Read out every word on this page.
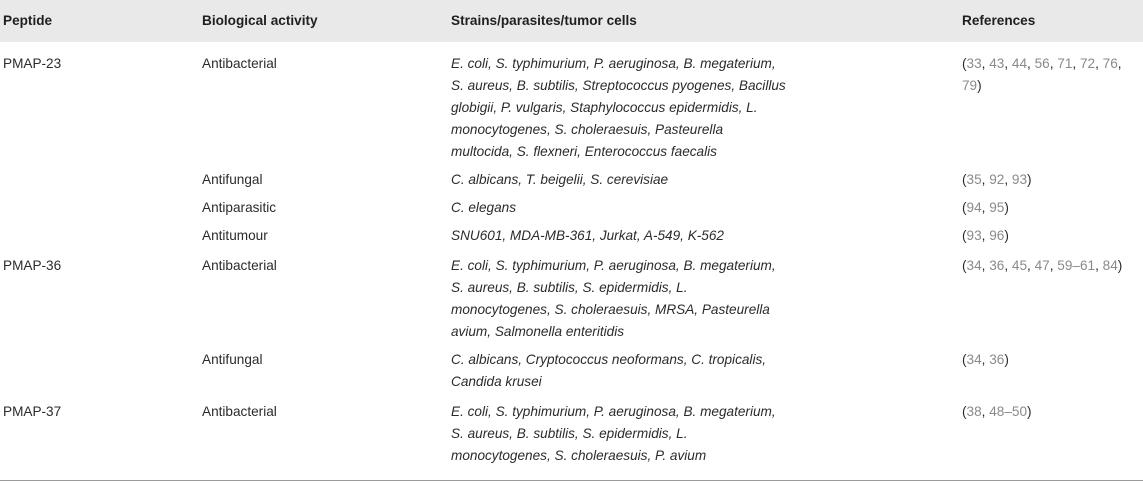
Peptide	Biological activity	Strains/parasites/tumor cells	References
PMAP-23	Antibacterial	E. coli, S. typhimurium, P. aeruginosa, B. megaterium, S. aureus, B. subtilis, Streptococcus pyogenes, Bacillus globigii, P. vulgaris, Staphylococcus epidermidis, L. monocytogenes, S. choleraesuis, Pasteurella multocida, S. flexneri, Enterococcus faecalis	(33, 43, 44, 56, 71, 72, 76, 79)
	Antifungal	C. albicans, T. beigelii, S. cerevisiae	(35, 92, 93)
	Antiparasitic	C. elegans	(94, 95)
	Antitumour	SNU601, MDA-MB-361, Jurkat, A-549, K-562	(93, 96)
PMAP-36	Antibacterial	E. coli, S. typhimurium, P. aeruginosa, B. megaterium, S. aureus, B. subtilis, S. epidermidis, L. monocytogenes, S. choleraesuis, MRSA, Pasteurella avium, Salmonella enteritidis	(34, 36, 45, 47, 59–61, 84)
	Antifungal	C. albicans, Cryptococcus neoformans, C. tropicalis, Candida krusei	(34, 36)
PMAP-37	Antibacterial	E. coli, S. typhimurium, P. aeruginosa, B. megaterium, S. aureus, B. subtilis, S. epidermidis, L. monocytogenes, S. choleraesuis, P. avium	(38, 48–50)
